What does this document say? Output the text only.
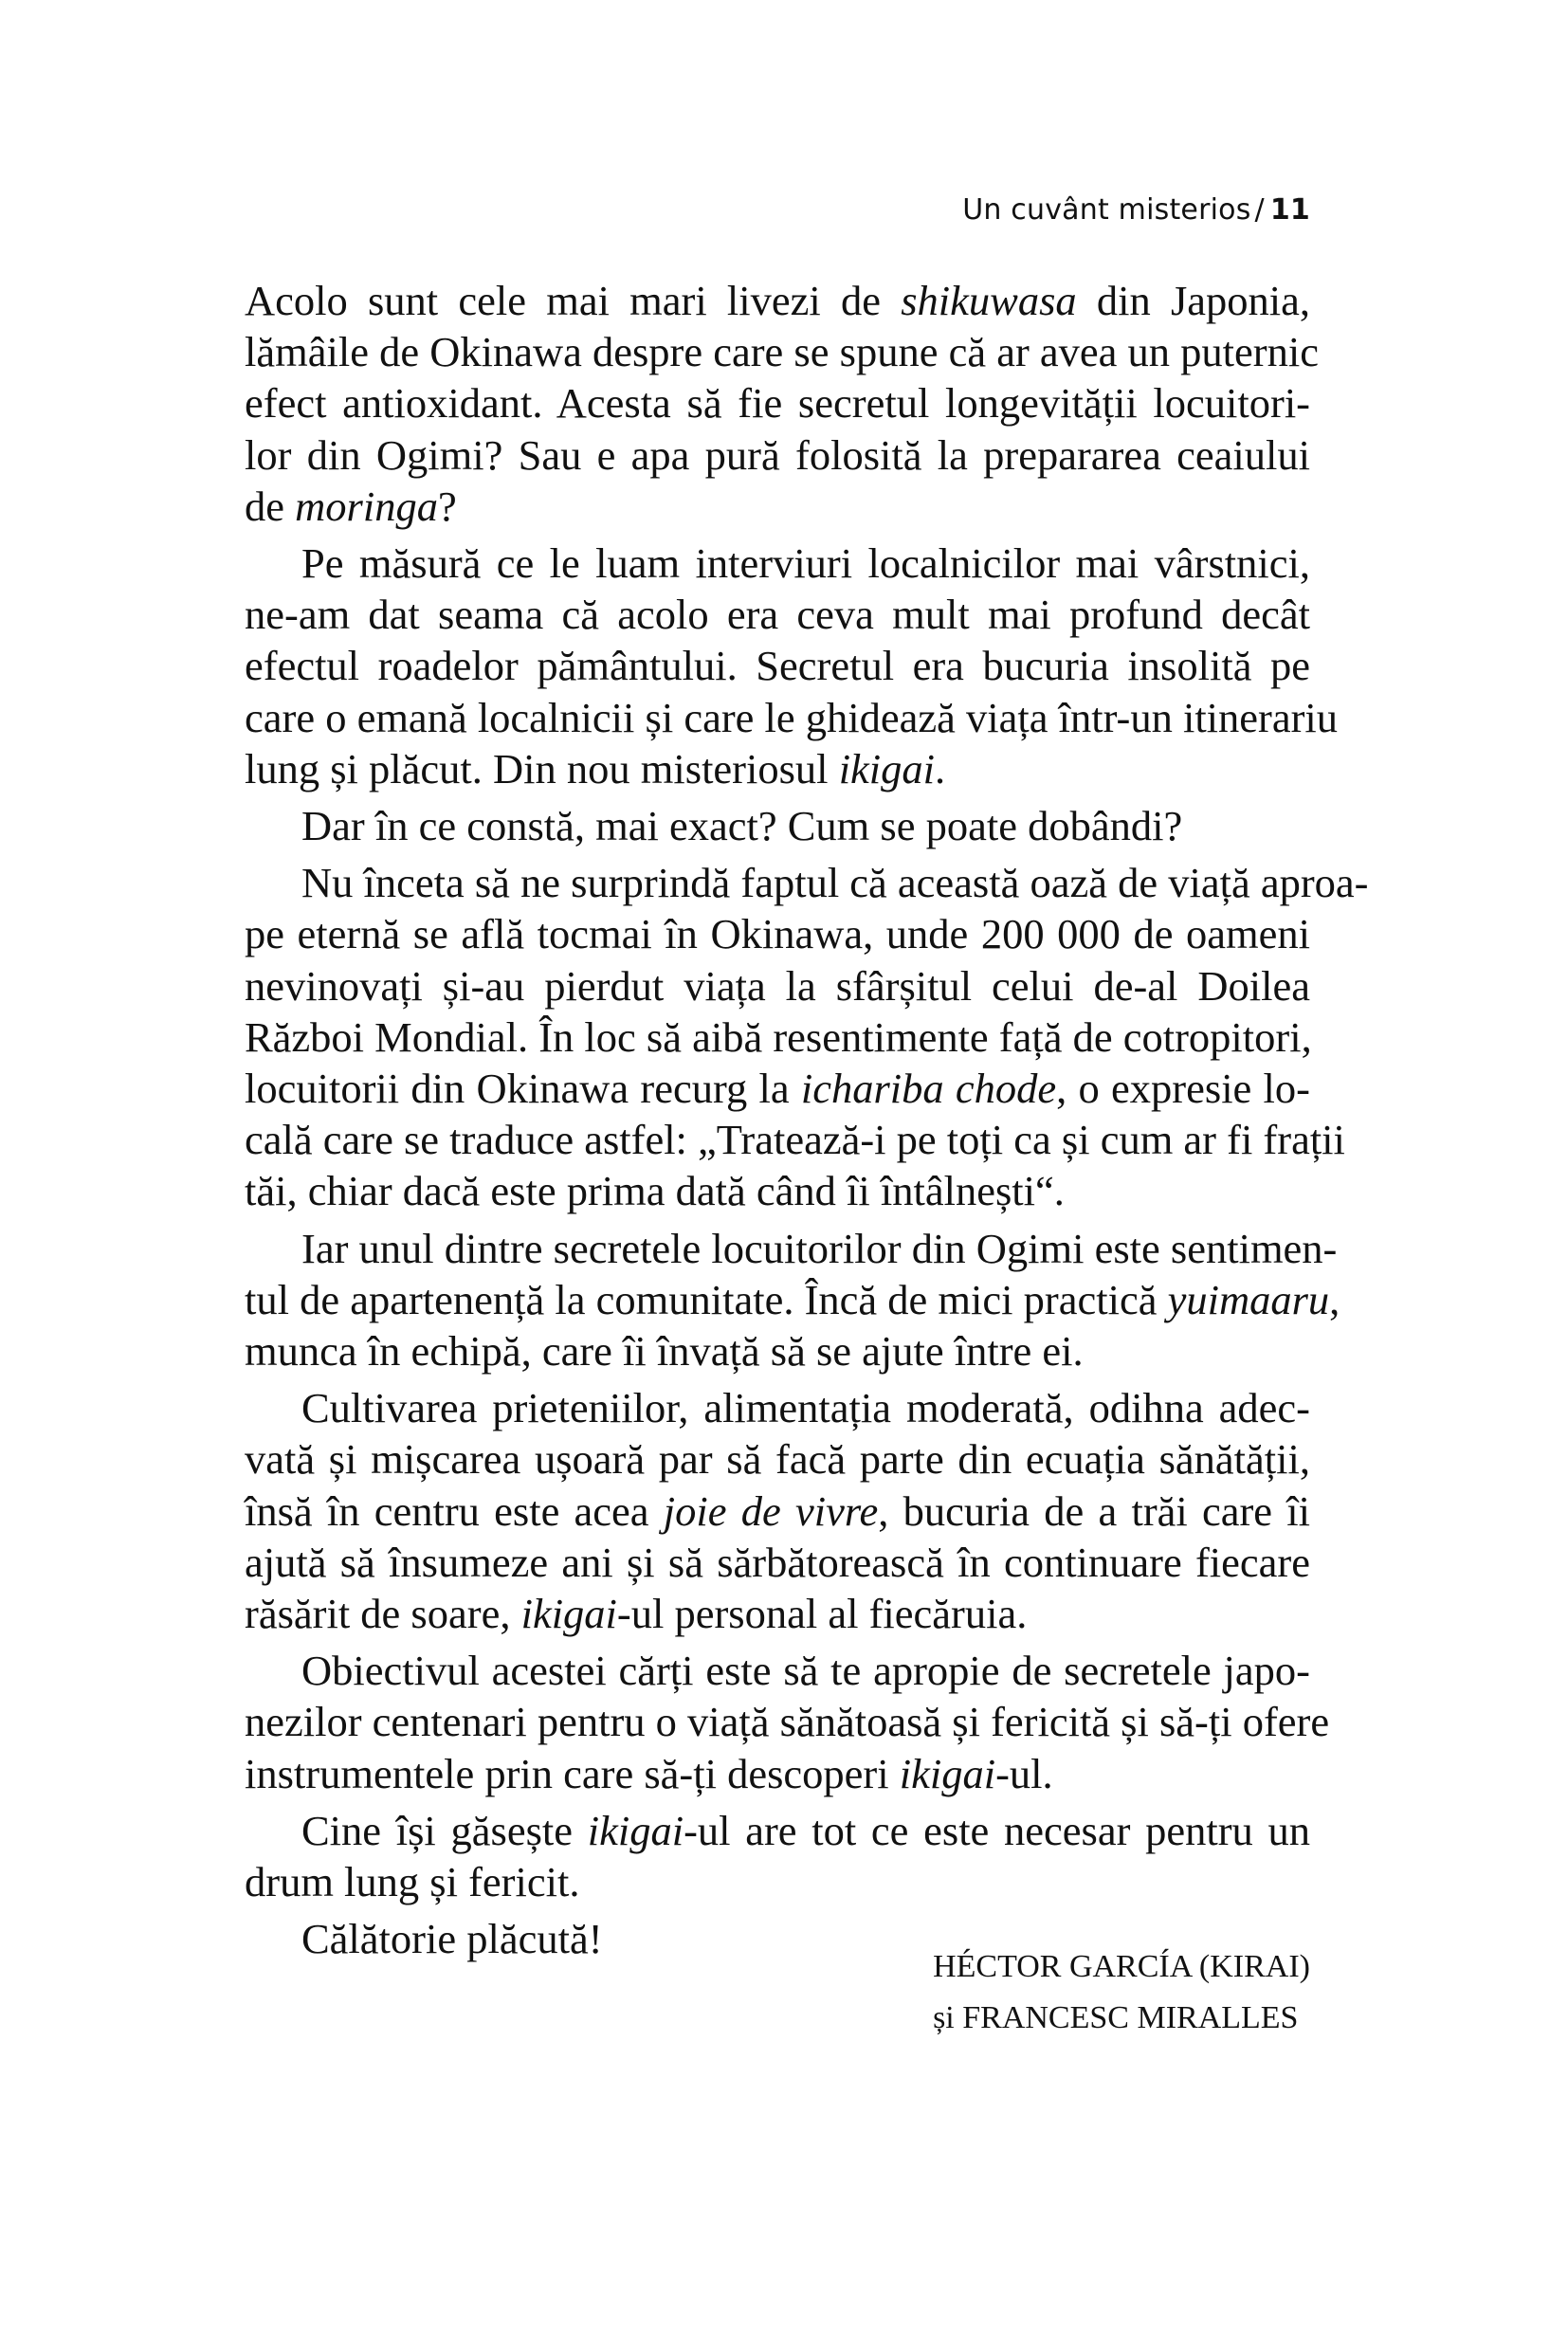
Un cuvânt misterios / 11
Acolo sunt cele mai mari livezi de shikuwasa din Japonia,
lămâile de Okinawa despre care se spune că ar avea un puternic
efect antioxidant. Acesta să fie secretul longevității locuitori-
lor din Ogimi? Sau e apa pură folosită la prepararea ceaiului
de moringa?
Pe măsură ce le luam interviuri localnicilor mai vârstnici,
ne-am dat seama că acolo era ceva mult mai profund decât
efectul roadelor pământului. Secretul era bucuria insolită pe
care o emană localnicii și care le ghidează viața într-un itinerariu
lung și plăcut. Din nou misteriosul ikigai.
Dar în ce constă, mai exact? Cum se poate dobândi?
Nu înceta să ne surprindă faptul că această oază de viață aproa-
pe eternă se află tocmai în Okinawa, unde 200 000 de oameni
nevinovați și-au pierdut viața la sfârșitul celui de-al Doilea
Război Mondial. În loc să aibă resentimente față de cotropitori,
locuitorii din Okinawa recurg la ichariba chode, o expresie lo-
cală care se traduce astfel: „Tratează-i pe toți ca și cum ar fi frații
tăi, chiar dacă este prima dată când îi întâlnești“.
Iar unul dintre secretele locuitorilor din Ogimi este sentimen-
tul de apartenență la comunitate. Încă de mici practică yuimaaru,
munca în echipă, care îi învață să se ajute între ei.
Cultivarea prieteniilor, alimentația moderată, odihna adec-
vată și mișcarea ușoară par să facă parte din ecuația sănătății,
însă în centru este acea joie de vivre, bucuria de a trăi care îi
ajută să însumeze ani și să sărbătorească în continuare fiecare
răsărit de soare, ikigai-ul personal al fiecăruia.
Obiectivul acestei cărți este să te apropie de secretele japo-
nezilor centenari pentru o viață sănătoasă și fericită și să-ți ofere
instrumentele prin care să-ți descoperi ikigai-ul.
Cine își găsește ikigai-ul are tot ce este necesar pentru un
drum lung și fericit.
Călătorie plăcută!
HÉCTOR GARCÍA (KIRAI)
și FRANCESC MIRALLES
